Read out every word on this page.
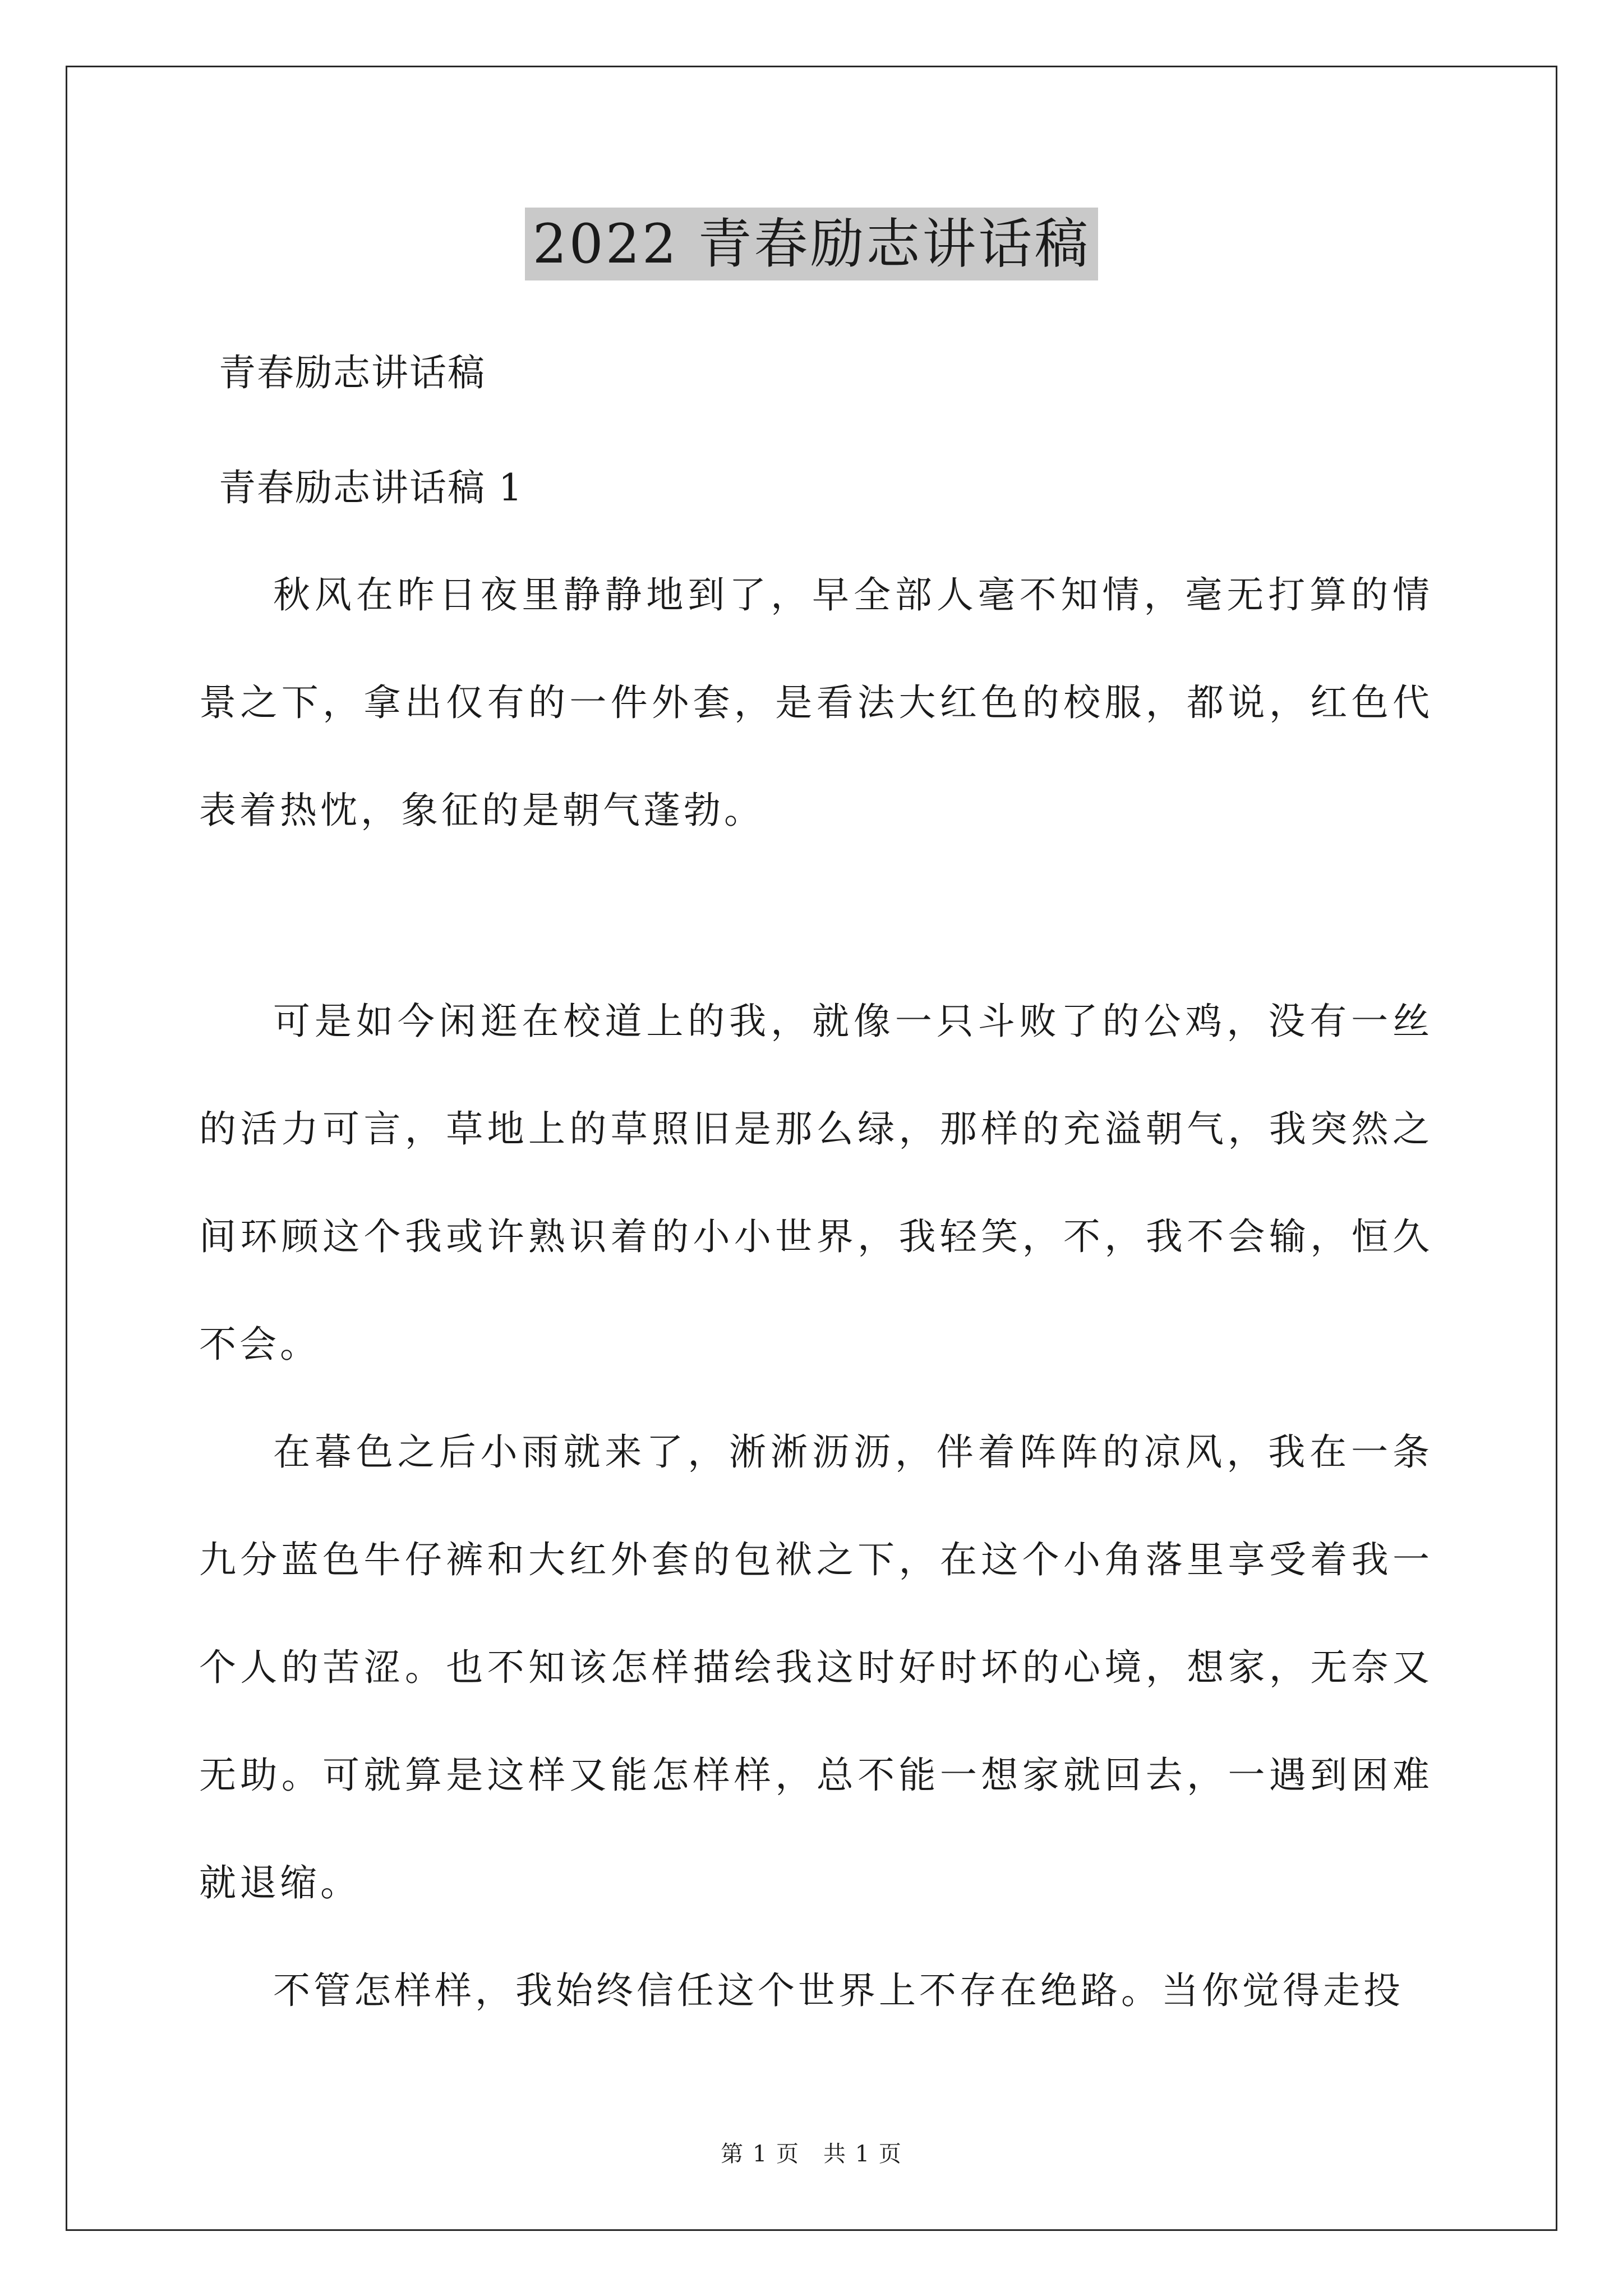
2022 青春励志讲话稿
青春励志讲话稿
青春励志讲话稿 1

秋风在昨日夜里静静地到了，早全部人毫不知情，毫无打算的情景之下，拿出仅有的一件外套，是看法大红色的校服，都说，红色代表着热忱，象征的是朝气蓬勃。

可是如今闲逛在校道上的我，就像一只斗败了的公鸡，没有一丝的活力可言，草地上的草照旧是那么绿，那样的充溢朝气，我突然之间环顾这个我或许熟识着的小小世界，我轻笑，不，我不会输，恒久不会。

在暮色之后小雨就来了，淅淅沥沥，伴着阵阵的凉风，我在一条九分蓝色牛仔裤和大红外套的包袱之下，在这个小角落里享受着我一个人的苦涩。也不知该怎样描绘我这时好时坏的心境，想家，无奈又无助。可就算是这样又能怎样样，总不能一想家就回去，一遇到困难就退缩。

不管怎样样，我始终信任这个世界上不存在绝路。当你觉得走投

第 1 页　共 1 页
